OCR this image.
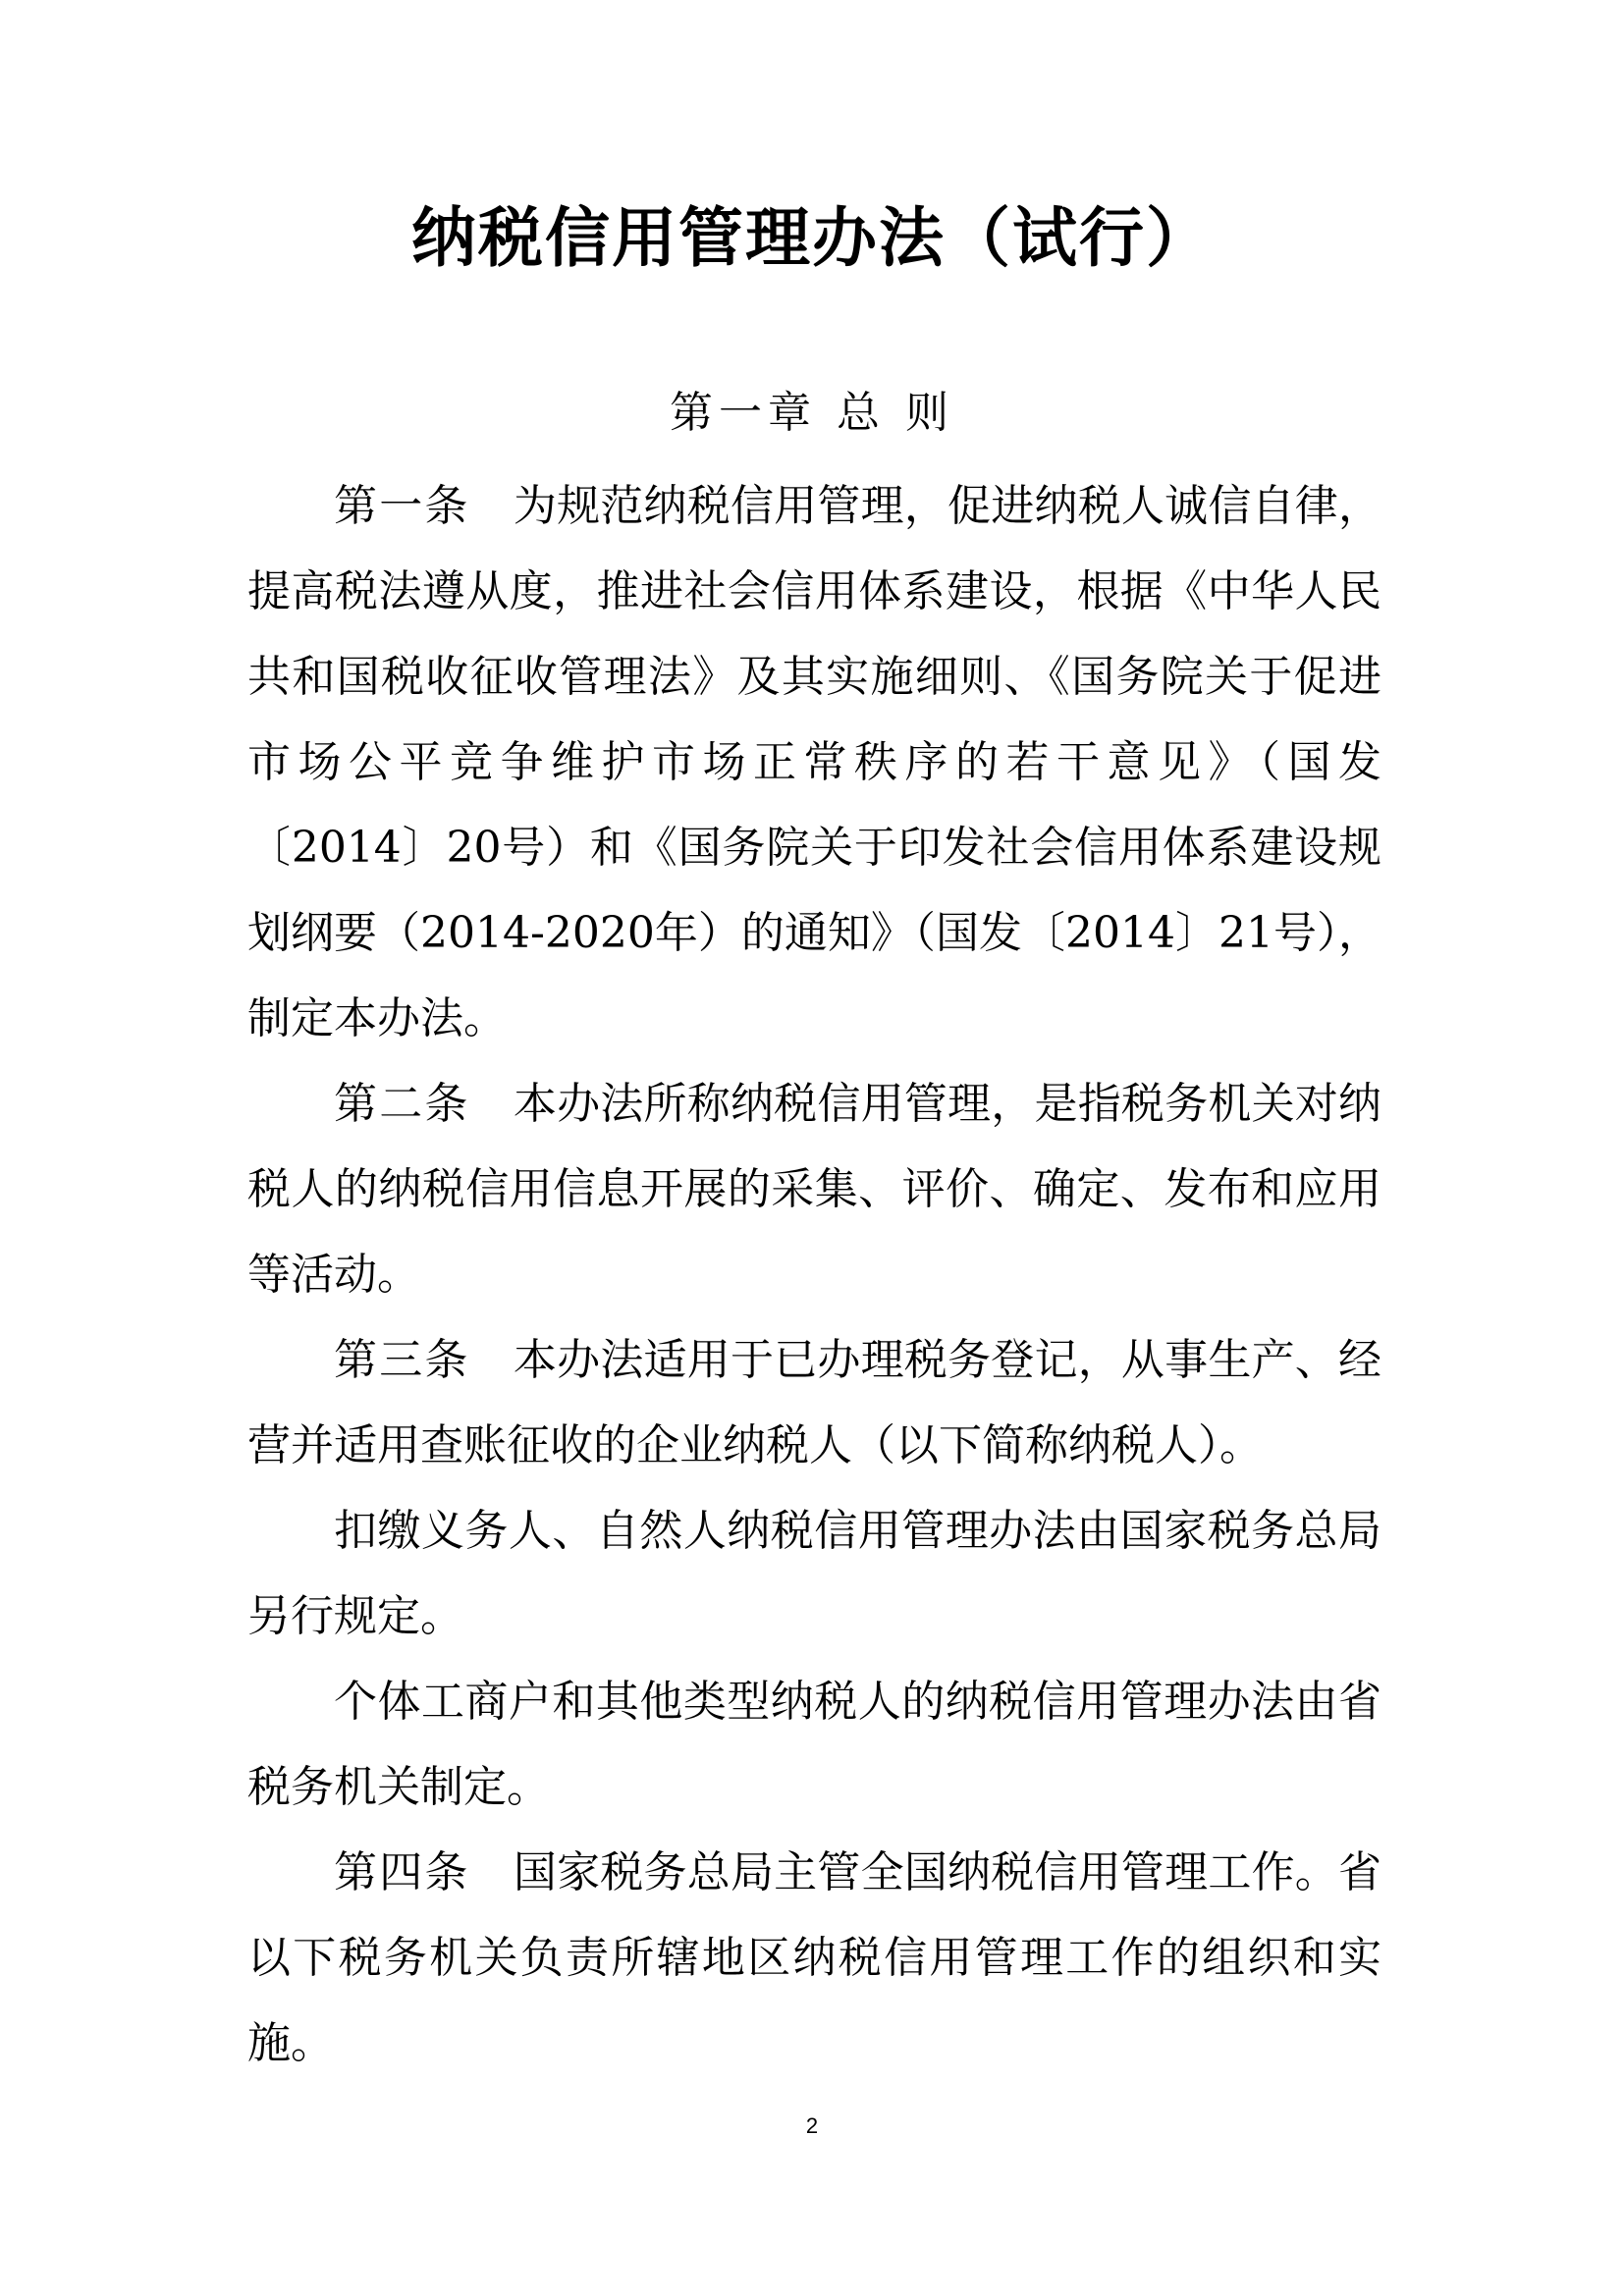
纳税信用管理办法（试行）
第一章 总 则

第一条  为规范纳税信用管理，促进纳税人诚信自律，提高税法遵从度，推进社会信用体系建设，根据《中华人民共和国税收征收管理法》及其实施细则、《国务院关于促进市场公平竞争维护市场正常秩序的若干意见》（国发〔2014〕20号）和《国务院关于印发社会信用体系建设规划纲要（2014-2020年）的通知》（国发〔2014〕21号），制定本办法。

第二条  本办法所称纳税信用管理，是指税务机关对纳税人的纳税信用信息开展的采集、评价、确定、发布和应用等活动。

第三条  本办法适用于已办理税务登记，从事生产、经营并适用查账征收的企业纳税人（以下简称纳税人）。

扣缴义务人、自然人纳税信用管理办法由国家税务总局另行规定。

个体工商户和其他类型纳税人的纳税信用管理办法由省税务机关制定。

第四条  国家税务总局主管全国纳税信用管理工作。省以下税务机关负责所辖地区纳税信用管理工作的组织和实施。

2
